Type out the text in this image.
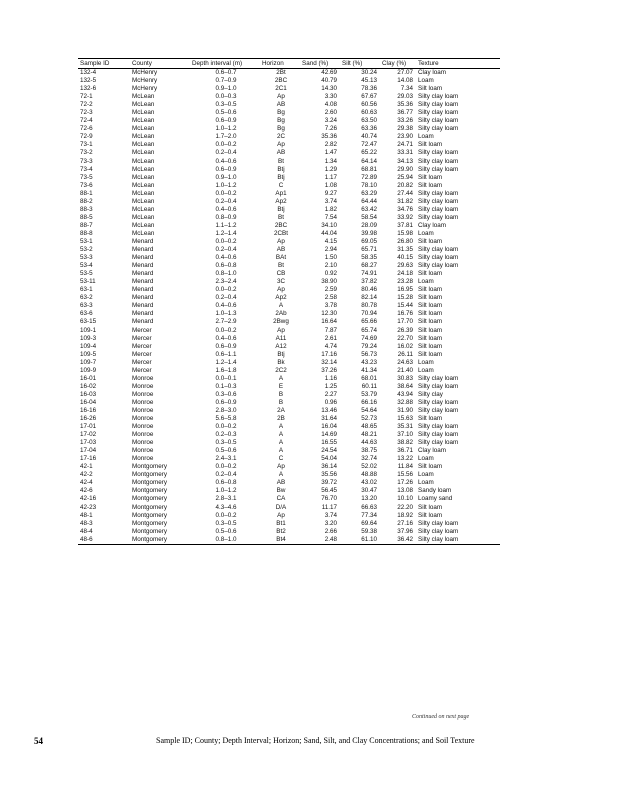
Sample ID	County	Depth interval (m)	Horizon	Sand (%)	Silt (%)	Clay (%)	Texture
132-4	McHenry	0.6–0.7	2Bt	42.69	30.24	27.07	Clay loam
132-5	McHenry	0.7–0.9	2BC	40.79	45.13	14.08	Loam
132-6	McHenry	0.9–1.0	2C1	14.30	78.36	7.34	Silt loam
72-1	McLean	0.0–0.3	Ap	3.30	67.67	29.03	Silty clay loam
72-2	McLean	0.3–0.5	AB	4.08	60.56	35.36	Silty clay loam
72-3	McLean	0.5–0.6	Bg	2.60	60.63	36.77	Silty clay loam
72-4	McLean	0.6–0.9	Bg	3.24	63.50	33.26	Silty clay loam
72-6	McLean	1.0–1.2	Bg	7.26	63.36	29.38	Silty clay loam
72-9	McLean	1.7–2.0	2C	35.36	40.74	23.90	Loam
73-1	McLean	0.0–0.2	Ap	2.82	72.47	24.71	Silt loam
73-2	McLean	0.2–0.4	AB	1.47	65.22	33.31	Silty clay loam
73-3	McLean	0.4–0.6	Bt	1.34	64.14	34.13	Silty clay loam
73-4	McLean	0.6–0.9	Btj	1.29	68.81	29.90	Silty clay loam
73-5	McLean	0.9–1.0	Btj	1.17	72.89	25.94	Silt loam
73-6	McLean	1.0–1.2	C	1.08	78.10	20.82	Silt loam
88-1	McLean	0.0–0.2	Ap1	9.27	63.29	27.44	Silty clay loam
88-2	McLean	0.2–0.4	Ap2	3.74	64.44	31.82	Silty clay loam
88-3	McLean	0.4–0.6	Btj	1.82	63.42	34.76	Silty clay loam
88-5	McLean	0.8–0.9	Bt	7.54	58.54	33.92	Silty clay loam
88-7	McLean	1.1–1.2	2BC	34.10	28.09	37.81	Clay loam
88-8	McLean	1.2–1.4	2CBt	44.04	39.98	15.98	Loam
53-1	Menard	0.0–0.2	Ap	4.15	69.05	26.80	Silt loam
53-2	Menard	0.2–0.4	AB	2.94	65.71	31.35	Silty clay loam
53-3	Menard	0.4–0.6	BAt	1.50	58.35	40.15	Silty clay loam
53-4	Menard	0.6–0.8	Bt	2.10	68.27	29.63	Silty clay loam
53-5	Menard	0.8–1.0	CB	0.92	74.91	24.18	Silt loam
53-11	Menard	2.3–2.4	3C	38.90	37.82	23.28	Loam
63-1	Menard	0.0–0.2	Ap	2.59	80.46	16.95	Silt loam
63-2	Menard	0.2–0.4	Ap2	2.58	82.14	15.28	Silt loam
63-3	Menard	0.4–0.6	A	3.78	80.78	15.44	Silt loam
63-6	Menard	1.0–1.3	2Ab	12.30	70.94	16.76	Silt loam
63-15	Menard	2.7–2.9	2Bwg	16.64	65.66	17.70	Silt loam
109-1	Mercer	0.0–0.2	Ap	7.87	65.74	26.39	Silt loam
109-3	Mercer	0.4–0.6	A11	2.61	74.69	22.70	Silt loam
109-4	Mercer	0.6–0.9	A12	4.74	79.24	16.02	Silt loam
109-5	Mercer	0.6–1.1	Btj	17.16	56.73	26.11	Silt loam
109-7	Mercer	1.2–1.4	Bk	32.14	43.23	24.63	Loam
109-9	Mercer	1.6–1.8	2C2	37.26	41.34	21.40	Loam
16-01	Monroe	0.0–0.1	A	1.16	68.01	30.83	Silty clay loam
16-02	Monroe	0.1–0.3	E	1.25	60.11	38.64	Silty clay loam
16-03	Monroe	0.3–0.6	B	2.27	53.79	43.94	Silty clay
16-04	Monroe	0.6–0.9	B	0.96	66.16	32.88	Silty clay loam
16-16	Monroe	2.8–3.0	2A	13.46	54.64	31.90	Silty clay loam
16-26	Monroe	5.6–5.8	2B	31.64	52.73	15.63	Silt loam
17-01	Monroe	0.0–0.2	A	16.04	48.65	35.31	Silty clay loam
17-02	Monroe	0.2–0.3	A	14.69	48.21	37.10	Silty clay loam
17-03	Monroe	0.3–0.5	A	16.55	44.63	38.82	Silty clay loam
17-04	Monroe	0.5–0.6	A	24.54	38.75	36.71	Clay loam
17-16	Monroe	2.4–3.1	C	54.04	32.74	13.22	Loam
42-1	Montgomery	0.0–0.2	Ap	36.14	52.02	11.84	Silt loam
42-2	Montgomery	0.2–0.4	A	35.56	48.88	15.56	Loam
42-4	Montgomery	0.6–0.8	AB	39.72	43.02	17.26	Loam
42-6	Montgomery	1.0–1.2	Bw	56.45	30.47	13.08	Sandy loam
42-16	Montgomery	2.8–3.1	CA	76.70	13.20	10.10	Loamy sand
42-23	Montgomery	4.3–4.6	D/A	11.17	66.63	22.20	Silt loam
48-1	Montgomery	0.0–0.2	Ap	3.74	77.34	18.92	Silt loam
48-3	Montgomery	0.3–0.5	Bt1	3.20	69.64	27.16	Silty clay loam
48-4	Montgomery	0.5–0.6	Bt2	2.66	59.38	37.96	Silty clay loam
48-6	Montgomery	0.8–1.0	Bt4	2.48	61.10	36.42	Silty clay loam
Continued on next page
54	Sample ID; County; Depth Interval; Horizon; Sand, Silt, and Clay Concentrations; and Soil Texture
